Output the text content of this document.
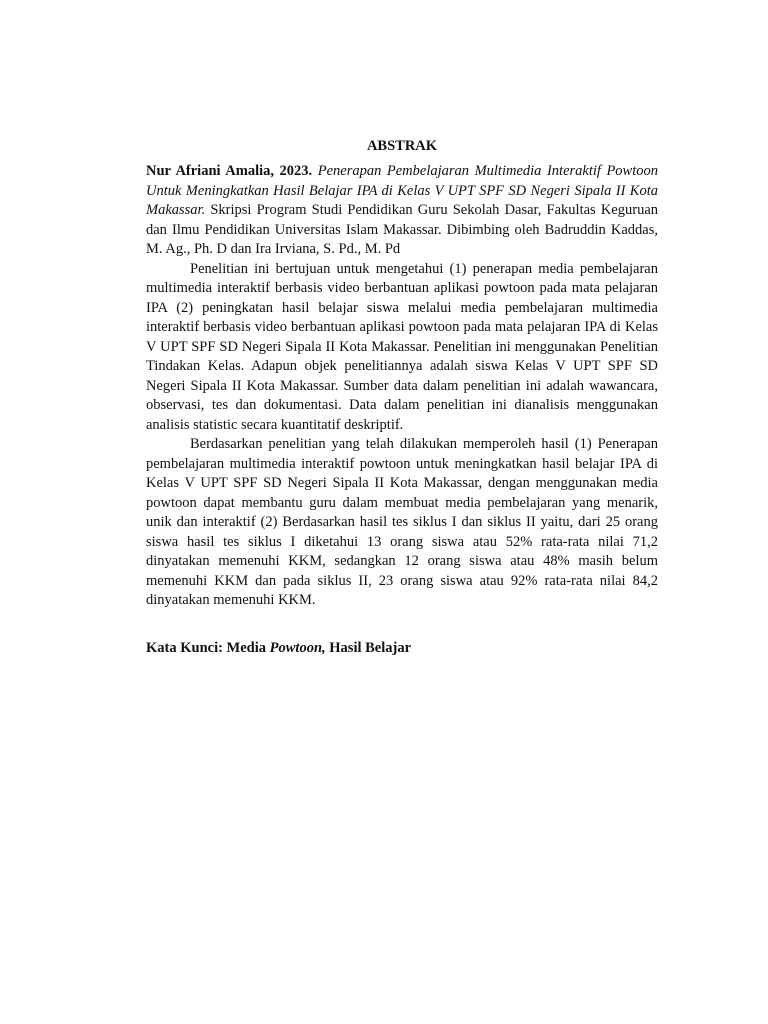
ABSTRAK

Nur Afriani Amalia, 2023. Penerapan Pembelajaran Multimedia Interaktif Powtoon Untuk Meningkatkan Hasil Belajar IPA di Kelas V UPT SPF SD Negeri Sipala II Kota Makassar. Skripsi Program Studi Pendidikan Guru Sekolah Dasar, Fakultas Keguruan dan Ilmu Pendidikan Universitas Islam Makassar. Dibimbing oleh Badruddin Kaddas, M. Ag., Ph. D dan Ira Irviana, S. Pd., M. Pd

Penelitian ini bertujuan untuk mengetahui (1) penerapan media pembelajaran multimedia interaktif berbasis video berbantuan aplikasi powtoon pada mata pelajaran IPA (2) peningkatan hasil belajar siswa melalui media pembelajaran multimedia interaktif berbasis video berbantuan aplikasi powtoon pada mata pelajaran IPA di Kelas V UPT SPF SD Negeri Sipala II Kota Makassar. Penelitian ini menggunakan Penelitian Tindakan Kelas. Adapun objek penelitiannya adalah siswa Kelas V UPT SPF SD Negeri Sipala II Kota Makassar. Sumber data dalam penelitian ini adalah wawancara, observasi, tes dan dokumentasi. Data dalam penelitian ini dianalisis menggunakan analisis statistic secara kuantitatif deskriptif.

Berdasarkan penelitian yang telah dilakukan memperoleh hasil (1) Penerapan pembelajaran multimedia interaktif powtoon untuk meningkatkan hasil belajar IPA di Kelas V UPT SPF SD Negeri Sipala II Kota Makassar, dengan menggunakan media powtoon dapat membantu guru dalam membuat media pembelajaran yang menarik, unik dan interaktif (2) Berdasarkan hasil tes siklus I dan siklus II yaitu, dari 25 orang siswa hasil tes siklus I diketahui 13 orang siswa atau 52% rata-rata nilai 71,2 dinyatakan memenuhi KKM, sedangkan 12 orang siswa atau 48% masih belum memenuhi KKM dan pada siklus II, 23 orang siswa atau 92% rata-rata nilai 84,2 dinyatakan memenuhi KKM.

Kata Kunci: Media Powtoon, Hasil Belajar
